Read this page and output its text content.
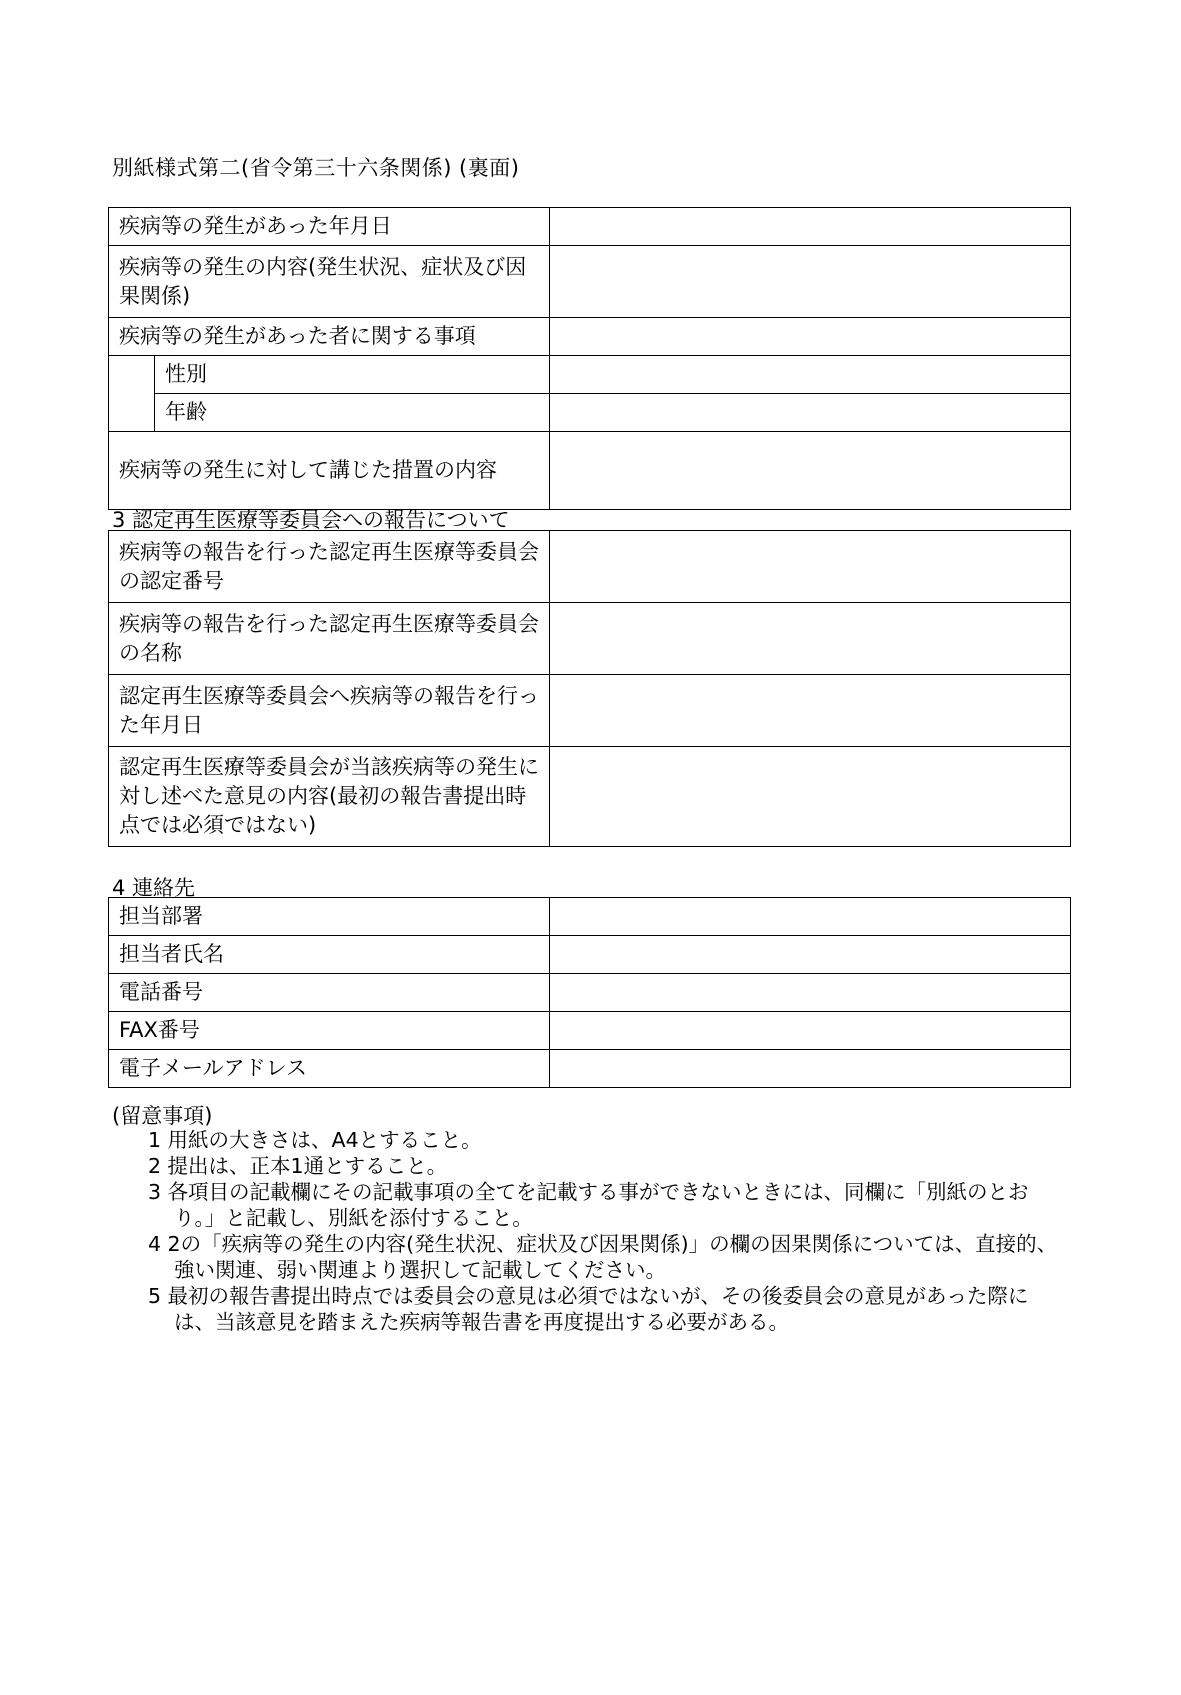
別紙様式第二(省令第三十六条関係) (裏面)
疾病等の発生があった年月日		
疾病等の発生の内容(発生状況、症状及び因果関係)		
疾病等の発生があった者に関する事項		
	性別	
	年齢	
疾病等の発生に対して講じた措置の内容		
3 認定再生医療等委員会への報告について
疾病等の報告を行った認定再生医療等委員会の認定番号	
疾病等の報告を行った認定再生医療等委員会の名称	
認定再生医療等委員会へ疾病等の報告を行った年月日	
認定再生医療等委員会が当該疾病等の発生に対し述べた意見の内容(最初の報告書提出時点では必須ではない)	
4 連絡先
担当部署	
担当者氏名	
電話番号	
FAX番号	
電子メールアドレス	
(留意事項)
1 用紙の大きさは、A4とすること。
2 提出は、正本1通とすること。
3 各項目の記載欄にその記載事項の全てを記載する事ができないときには、同欄に「別紙のとおり。」と記載し、別紙を添付すること。
4 2の「疾病等の発生の内容(発生状況、症状及び因果関係)」の欄の因果関係については、直接的、強い関連、弱い関連より選択して記載してください。
5 最初の報告書提出時点では委員会の意見は必須ではないが、その後委員会の意見があった際には、当該意見を踏まえた疾病等報告書を再度提出する必要がある。
